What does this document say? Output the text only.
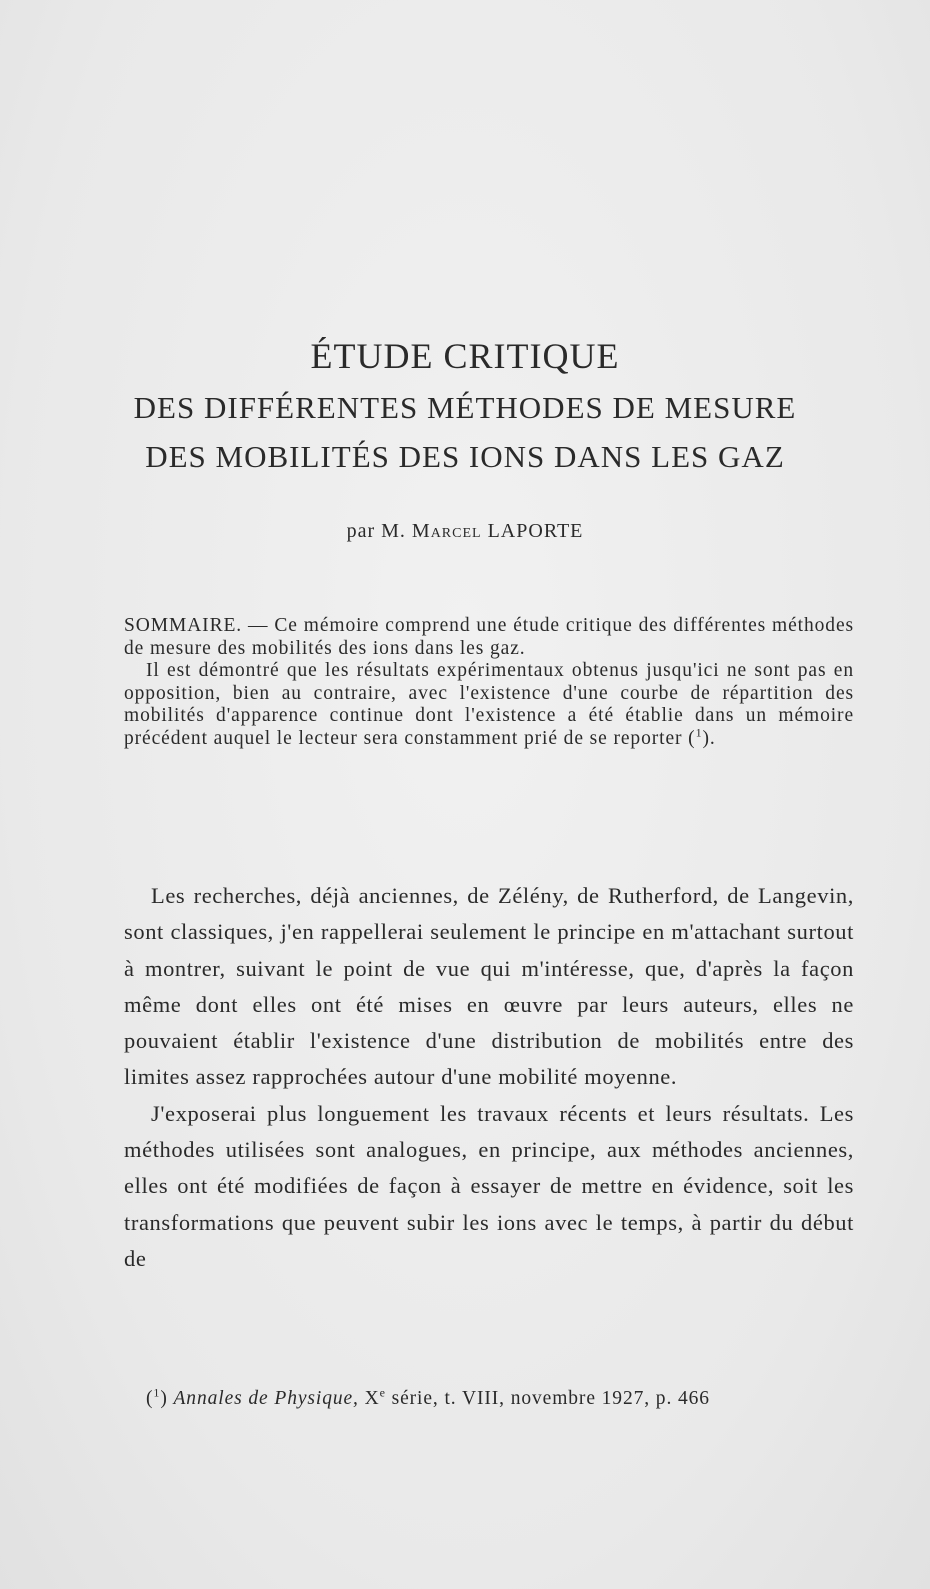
ÉTUDE CRITIQUE
DES DIFFÉRENTES MÉTHODES DE MESURE
DES MOBILITÉS DES IONS DANS LES GAZ
par M. Marcel LAPORTE

SOMMAIRE. — Ce mémoire comprend une étude critique des différentes méthodes de mesure des mobilités des ions dans les gaz.

Il est démontré que les résultats expérimentaux obtenus jusqu'ici ne sont pas en opposition, bien au contraire, avec l'existence d'une courbe de répartition des mobilités d'apparence continue dont l'existence a été établie dans un mémoire précédent auquel le lecteur sera constamment prié de se reporter ($^1$).

Les recherches, déjà anciennes, de Zélény, de Rutherford, de Langevin, sont classiques, j'en rappellerai seulement le principe en m'attachant surtout à montrer, suivant le point de vue qui m'intéresse, que, d'après la façon même dont elles ont été mises en œuvre par leurs auteurs, elles ne pouvaient établir l'existence d'une distribution de mobilités entre des limites assez rapprochées autour d'une mobilité moyenne.

J'exposerai plus longuement les travaux récents et leurs résultats. Les méthodes utilisées sont analogues, en principe, aux méthodes anciennes, elles ont été modifiées de façon à essayer de mettre en évidence, soit les transformations que peuvent subir les ions avec le temps, à partir du début de

($^1$) Annales de Physique, Xe série, t. VIII, novembre 1927, p. 466
